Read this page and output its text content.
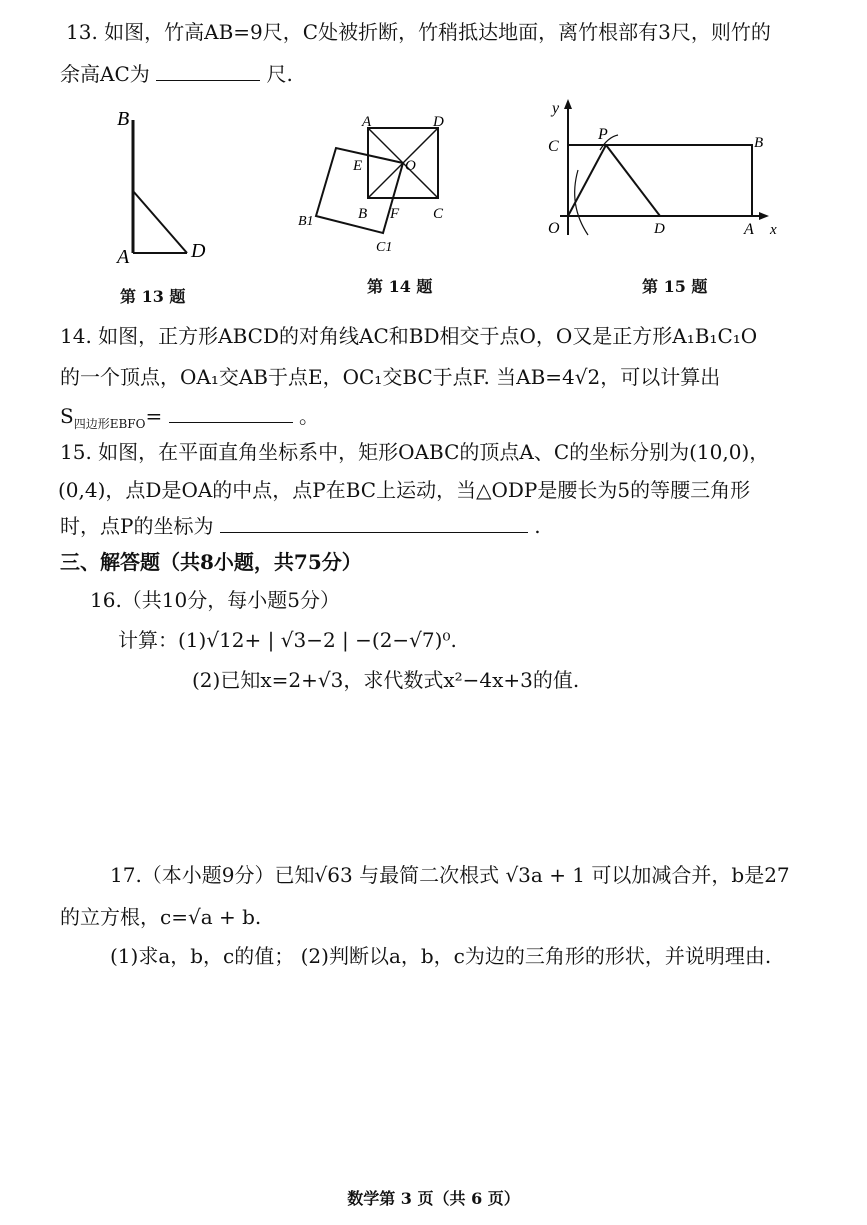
13. 如图，竹高AB=9尺，C处被折断，竹稍抵达地面，离竹根部有3尺，则竹的
余高AC为	尺.
B
A	D
第 13 题
A	D
E	O
B F C
B1
C1
第 14 题
y
P
C	B
O	D	A x
第 15 题
14. 如图，正方形ABCD的对角线AC和BD相交于点O，O又是正方形A₁B₁C₁O
的一个顶点，OA₁交AB于点E，OC₁交BC于点F. 当AB=4√2，可以计算出
$S_{四边形EBFO}=$	。
15. 如图，在平面直角坐标系中，矩形OABC的顶点A、C的坐标分别为(10,0)，
(0,4)，点D是OA的中点，点P在BC上运动，当△ODP是腰长为5的等腰三角形
时，点P的坐标为	.
三、解答题（共8小题，共75分）
16.（共10分，每小题5分）
计算：(1)√12+ | √3−2 | −(2−√7)⁰.
(2)已知x=2+√3，求代数式x²−4x+3的值.
17.（本小题9分）已知√63 与最简二次根式 √3a + 1 可以加减合并，b是27
的立方根，c=√a + b.
(1)求a，b，c的值； (2)判断以a，b，c为边的三角形的形状，并说明理由.
数学第 3 页（共 6 页）
